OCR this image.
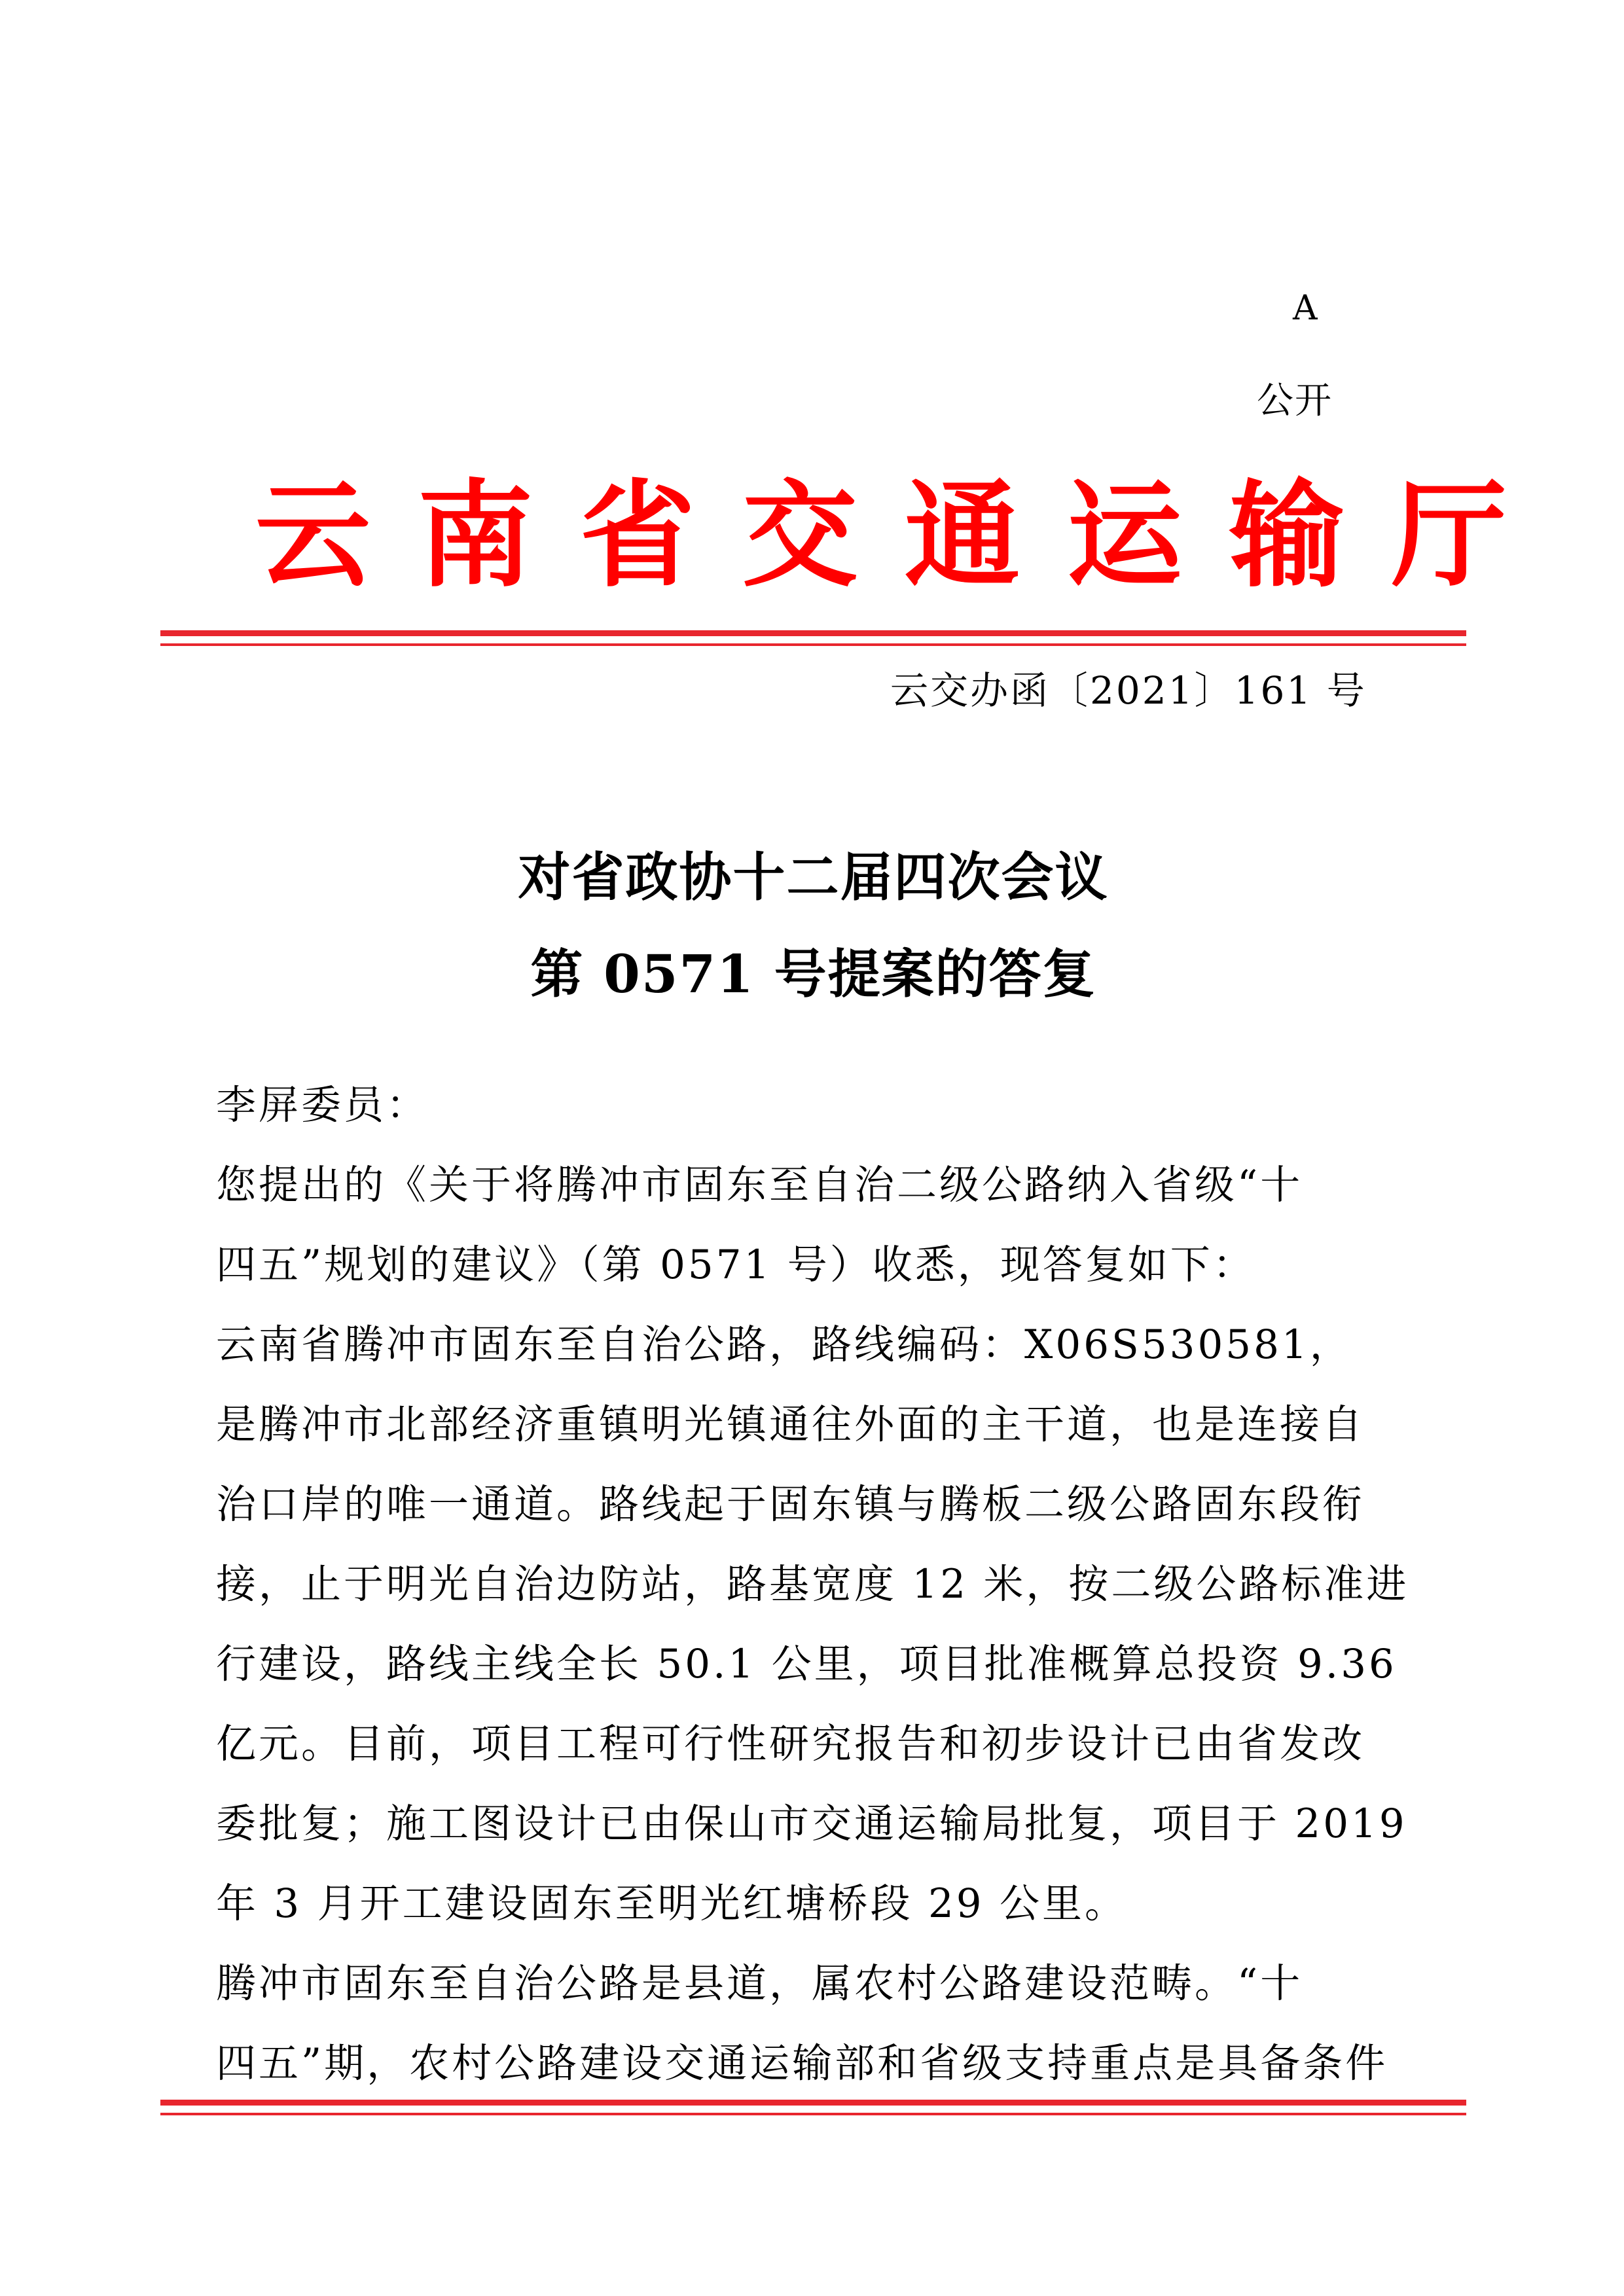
A
公开
云南省交通运输厅
云交办函〔2021〕161 号
对省政协十二届四次会议
第 0571 号提案的答复
李屏委员：
您提出的《关于将腾冲市固东至自治二级公路纳入省级“十
四五”规划的建议》（第 0571 号）收悉，现答复如下：
云南省腾冲市固东至自治公路，路线编码：X06S530581，
是腾冲市北部经济重镇明光镇通往外面的主干道，也是连接自
治口岸的唯一通道。路线起于固东镇与腾板二级公路固东段衔
接，止于明光自治边防站，路基宽度 12 米，按二级公路标准进
行建设，路线主线全长 50.1 公里，项目批准概算总投资 9.36
亿元。目前，项目工程可行性研究报告和初步设计已由省发改
委批复；施工图设计已由保山市交通运输局批复，项目于 2019
年 3 月开工建设固东至明光红塘桥段 29 公里。
腾冲市固东至自治公路是县道，属农村公路建设范畴。“十
四五”期，农村公路建设交通运输部和省级支持重点是具备条件
